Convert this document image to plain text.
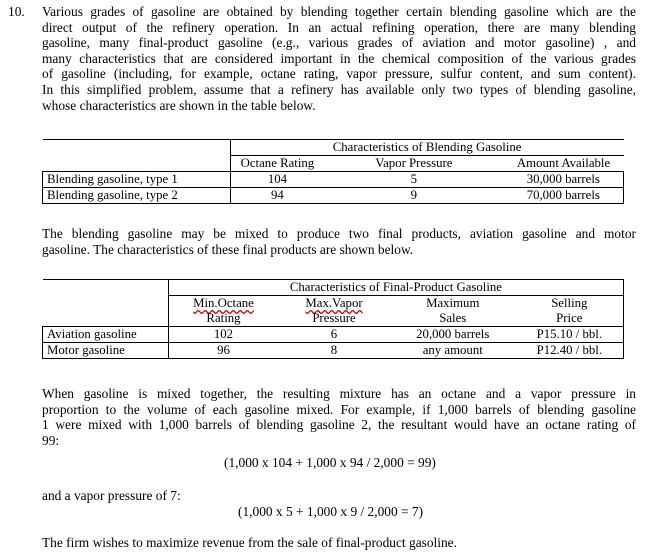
10. Various grades of gasoline are obtained by blending together certain blending gasoline which are the
direct output of the refinery operation. In an actual refining operation, there are many blending
gasoline, many final-product gasoline (e.g., various grades of aviation and motor gasoline) , and
many characteristics that are considered important in the chemical composition of the various grades
of gasoline (including, for example, octane rating, vapor pressure, sulfur content, and sum content).
In this simplified problem, assume that a refinery has available only two types of blending gasoline,
whose characteristics are shown in the table below.
	Characteristics of Blending Gasoline		
	Octane Rating	Vapor Pressure	Amount Available
Blending gasoline, type 1	104	5	30,000 barrels
Blending gasoline, type 2	94	9	70,000 barrels
The blending gasoline may be mixed to produce two final products, aviation gasoline and motor
gasoline. The characteristics of these final products are shown below.
	Characteristics of Final-Product Gasoline			
	Min.Octane	Max.Vapor	Maximum	Selling
	Rating	Pressure	Sales	Price
Aviation gasoline	102	6	20,000 barrels	P15.10 / bbl.
Motor gasoline	96	8	any amount	P12.40 / bbl.
When gasoline is mixed together, the resulting mixture has an octane and a vapor pressure in
proportion to the volume of each gasoline mixed. For example, if 1,000 barrels of blending gasoline
1 were mixed with 1,000 barrels of blending gasoline 2, the resultant would have an octane rating of
99:
(1,000 x 104 + 1,000 x 94 / 2,000 = 99)
and a vapor pressure of 7:
(1,000 x 5 + 1,000 x 9 / 2,000 = 7)
The firm wishes to maximize revenue from the sale of final-product gasoline.
